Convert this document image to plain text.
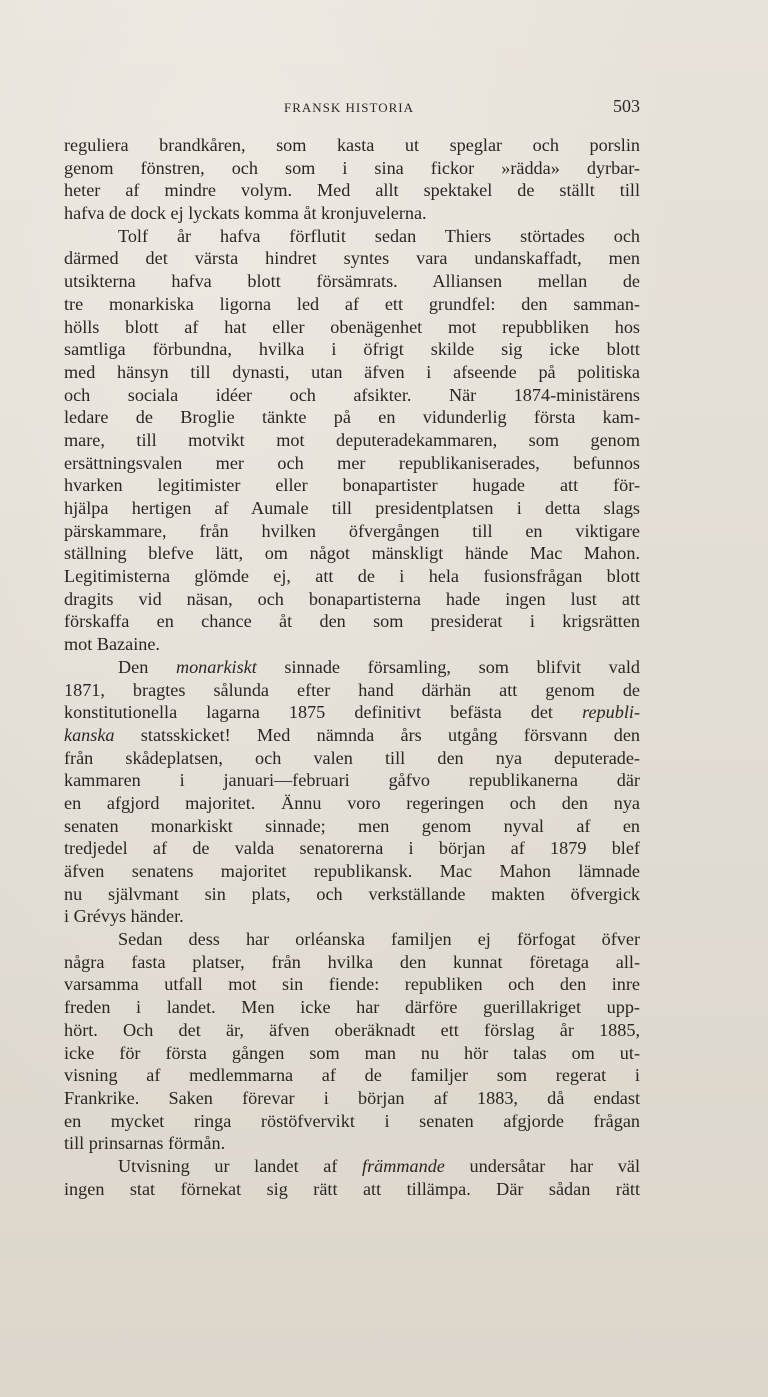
FRANSK HISTORIA	503
reguliera brandkåren, som kasta ut speglar och porslin
genom fönstren, och som i sina fickor »rädda» dyrbar-
heter af mindre volym. Med allt spektakel de ställt till
hafva de dock ej lyckats komma åt kronjuvelerna.
Tolf år hafva förflutit sedan Thiers störtades och
därmed det värsta hindret syntes vara undanskaffadt, men
utsikterna hafva blott försämrats. Alliansen mellan de
tre monarkiska ligorna led af ett grundfel: den samman-
hölls blott af hat eller obenägenhet mot repubbliken hos
samtliga förbundna, hvilka i öfrigt skilde sig icke blott
med hänsyn till dynasti, utan äfven i afseende på politiska
och sociala idéer och afsikter. När 1874-ministärens
ledare de Broglie tänkte på en vidunderlig första kam-
mare, till motvikt mot deputeradekammaren, som genom
ersättningsvalen mer och mer republikaniserades, befunnos
hvarken legitimister eller bonapartister hugade att för-
hjälpa hertigen af Aumale till presidentplatsen i detta slags
pärskammare, från hvilken öfvergången till en viktigare
ställning blefve lätt, om något mänskligt hände Mac Mahon.
Legitimisterna glömde ej, att de i hela fusionsfrågan blott
dragits vid näsan, och bonapartisterna hade ingen lust att
förskaffa en chance åt den som presiderat i krigsrätten
mot Bazaine.
Den monarkiskt sinnade församling, som blifvit vald
1871, bragtes sålunda efter hand därhän att genom de
konstitutionella lagarna 1875 definitivt befästa det republi-
kanska statsskicket! Med nämnda års utgång försvann den
från skådeplatsen, och valen till den nya deputerade-
kammaren i januari—februari gåfvo republikanerna där
en afgjord majoritet. Ännu voro regeringen och den nya
senaten monarkiskt sinnade; men genom nyval af en
tredjedel af de valda senatorerna i början af 1879 blef
äfven senatens majoritet republikansk. Mac Mahon lämnade
nu självmant sin plats, och verkställande makten öfvergick
i Grévys händer.
Sedan dess har orléanska familjen ej förfogat öfver
några fasta platser, från hvilka den kunnat företaga all-
varsamma utfall mot sin fiende: republiken och den inre
freden i landet. Men icke har därföre guerillakriget upp-
hört. Och det är, äfven oberäknadt ett förslag år 1885,
icke för första gången som man nu hör talas om ut-
visning af medlemmarna af de familjer som regerat i
Frankrike. Saken förevar i början af 1883, då endast
en mycket ringa röstöfvervikt i senaten afgjorde frågan
till prinsarnas förmån.
Utvisning ur landet af främmande undersåtar har väl
ingen stat förnekat sig rätt att tillämpa. Där sådan rätt
